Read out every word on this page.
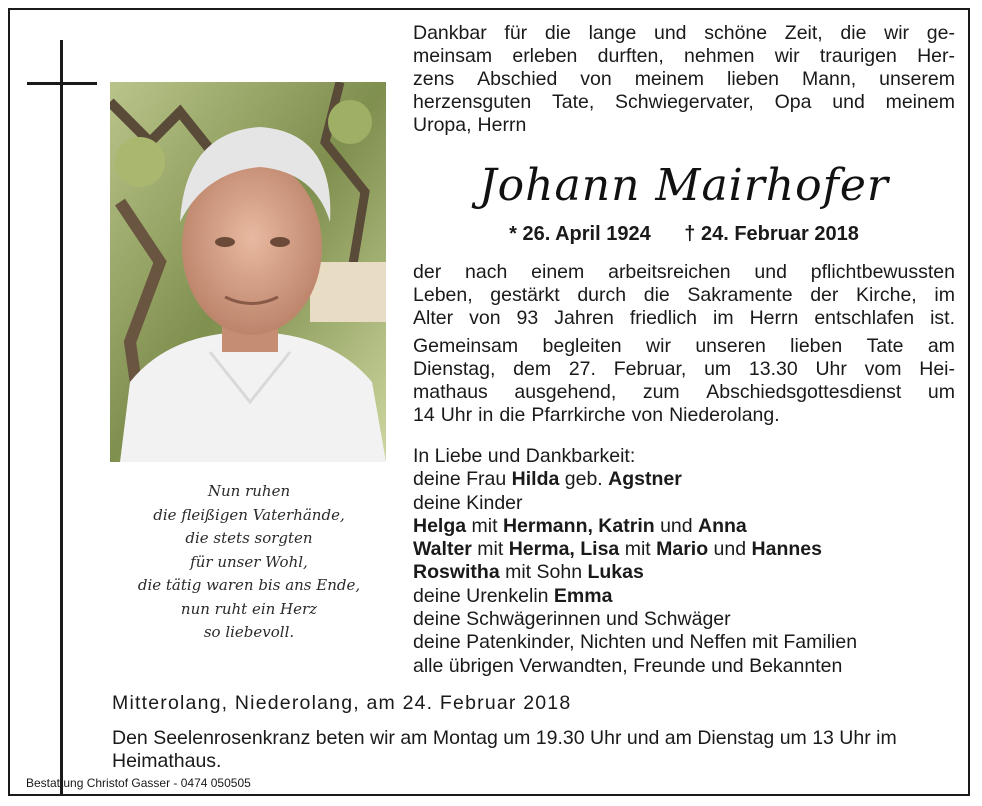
Nun ruhen
die fleißigen Vaterhände,
die stets sorgten
für unser Wohl,
die tätig waren bis ans Ende,
nun ruht ein Herz
so liebevoll.
Dankbar für die lange und schöne Zeit, die wir ge-
meinsam erleben durften, nehmen wir traurigen Her-
zens Abschied von meinem lieben Mann, unserem
herzensguten Tate, Schwiegervater, Opa und meinem
Uropa, Herrn
Johann Mairhofer
* 26. April 1924 † 24. Februar 2018
der nach einem arbeitsreichen und pflichtbewussten
Leben, gestärkt durch die Sakramente der Kirche, im
Alter von 93 Jahren friedlich im Herrn entschlafen ist.
Gemeinsam begleiten wir unseren lieben Tate am
Dienstag, dem 27. Februar, um 13.30 Uhr vom Hei-
mathaus ausgehend, zum Abschiedsgottesdienst um
14 Uhr in die Pfarrkirche von Niederolang.
In Liebe und Dankbarkeit:
deine Frau Hilda geb. Agstner
deine Kinder
Helga mit Hermann, Katrin und Anna
Walter mit Herma, Lisa mit Mario und Hannes
Roswitha mit Sohn Lukas
deine Urenkelin Emma
deine Schwägerinnen und Schwäger
deine Patenkinder, Nichten und Neffen mit Familien
alle übrigen Verwandten, Freunde und Bekannten
Mitterolang, Niederolang, am 24. Februar 2018
Den Seelenrosenkranz beten wir am Montag um 19.30 Uhr und am Dienstag um 13 Uhr im Heimathaus.
Bestattung Christof Gasser - 0474 050505
